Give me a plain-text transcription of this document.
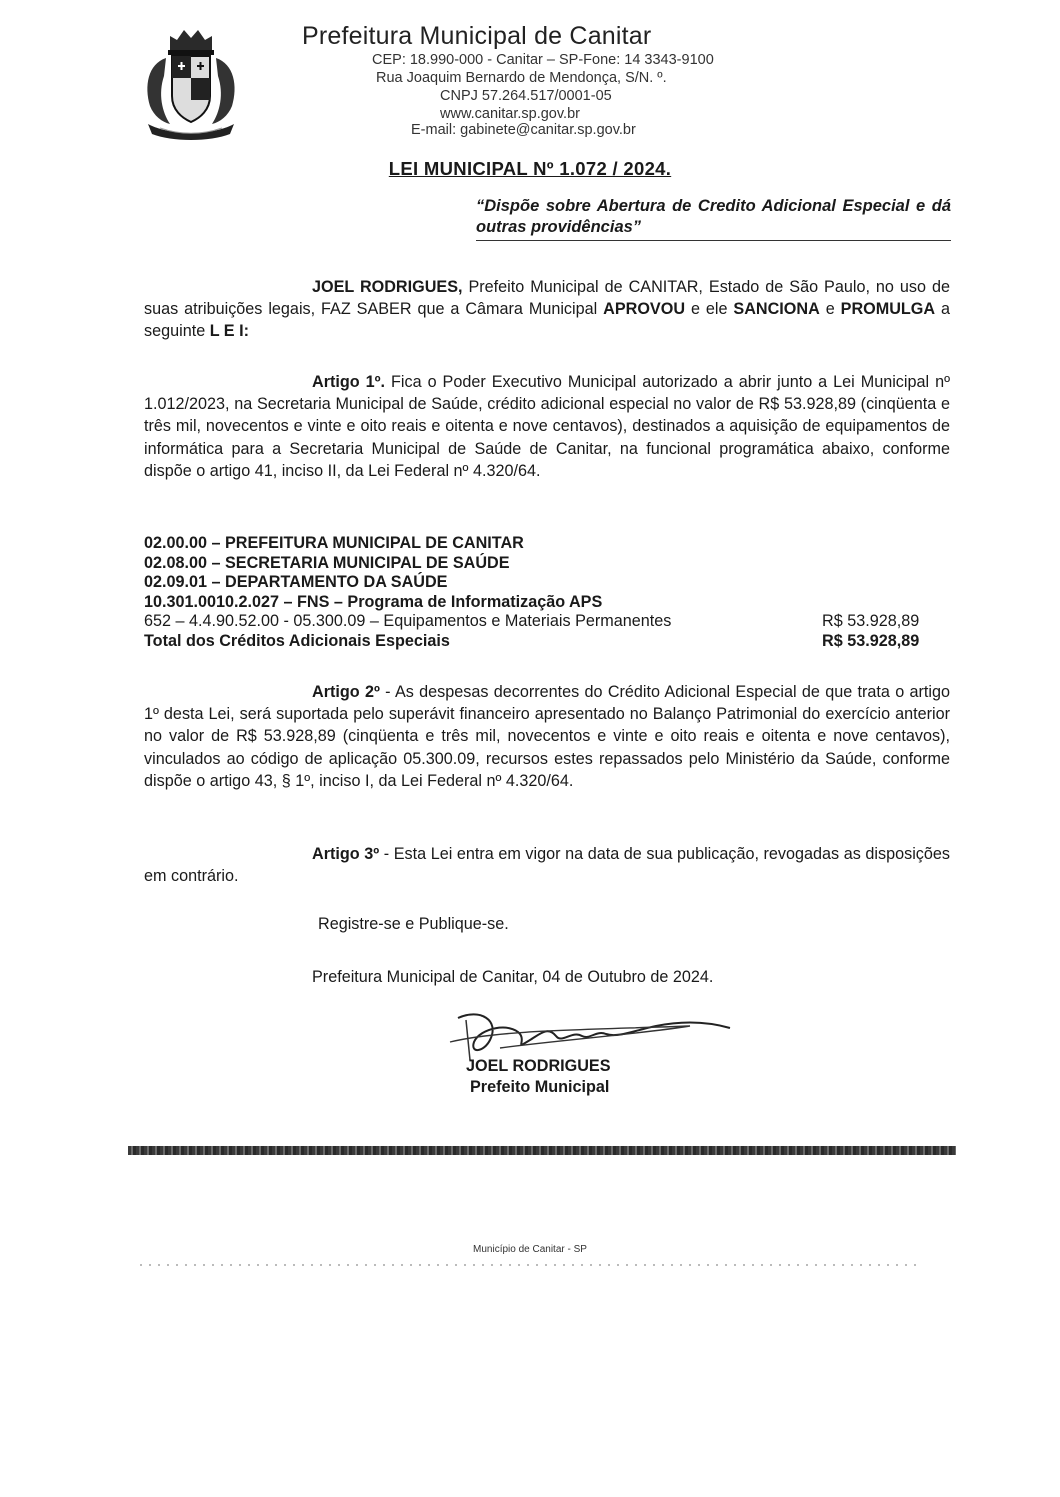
Prefeitura Municipal de Canitar
CEP: 18.990-000 - Canitar – SP-Fone: 14 3343-9100
Rua Joaquim Bernardo de Mendonça, S/N. º.
CNPJ 57.264.517/0001-05
www.canitar.sp.gov.br
E-mail: gabinete@canitar.sp.gov.br
LEI MUNICIPAL Nº 1.072 / 2024.
“Dispõe sobre Abertura de Credito Adicional Especial e dá outras providências”
JOEL RODRIGUES, Prefeito Municipal de CANITAR, Estado de São Paulo, no uso de suas atribuições legais, FAZ SABER que a Câmara Municipal APROVOU e ele SANCIONA e PROMULGA a seguinte L E I:
Artigo 1º. Fica o Poder Executivo Municipal autorizado a abrir junto a Lei Municipal nº 1.012/2023, na Secretaria Municipal de Saúde, crédito adicional especial no valor de R$ 53.928,89 (cinqüenta e três mil, novecentos e vinte e oito reais e oitenta e nove centavos), destinados a aquisição de equipamentos de informática para a Secretaria Municipal de Saúde de Canitar, na funcional programática abaixo, conforme dispõe o artigo 41, inciso II, da Lei Federal nº 4.320/64.
02.00.00 – PREFEITURA MUNICIPAL DE CANITAR
02.08.00 – SECRETARIA MUNICIPAL DE SAÚDE
02.09.01 – DEPARTAMENTO DA SAÚDE
10.301.0010.2.027 – FNS – Programa de Informatização APS
652 – 4.4.90.52.00 - 05.300.09 – Equipamentos e Materiais Permanentes	R$ 53.928,89
Total dos Créditos Adicionais Especiais	R$ 53.928,89
Artigo 2º - As despesas decorrentes do Crédito Adicional Especial de que trata o artigo 1º desta Lei, será suportada pelo superávit financeiro apresentado no Balanço Patrimonial do exercício anterior no valor de R$ 53.928,89 (cinqüenta e três mil, novecentos e vinte e oito reais e oitenta e nove centavos), vinculados ao código de aplicação 05.300.09, recursos estes repassados pelo Ministério da Saúde, conforme dispõe o artigo 43, § 1º, inciso I, da Lei Federal nº 4.320/64.
Artigo 3º - Esta Lei entra em vigor na data de sua publicação, revogadas as disposições em contrário.
Registre-se e Publique-se.
Prefeitura Municipal de Canitar, 04 de Outubro de 2024.
JOEL RODRIGUES
Prefeito Municipal
Município de Canitar - SP
